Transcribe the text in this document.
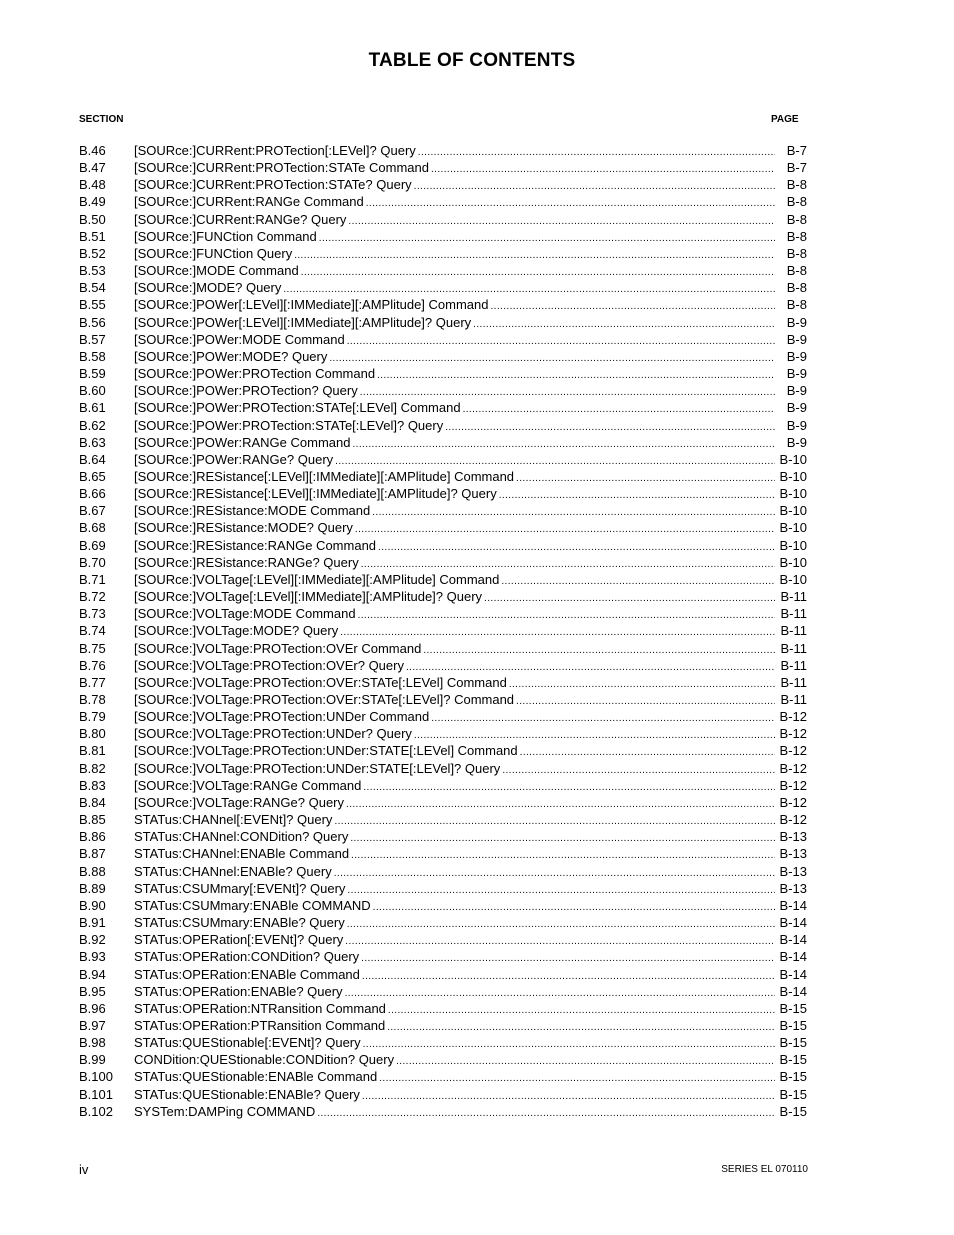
TABLE OF CONTENTS
SECTION	PAGE
B.46	[SOURce:]CURRent:PROTection[:LEVel]? Query .....	B-7
B.47	[SOURce:]CURRent:PROTection:STATe Command .....	B-7
B.48	[SOURce:]CURRent:PROTection:STATe? Query .....	B-8
B.49	[SOURce:]CURRent:RANGe Command .....	B-8
B.50	[SOURce:]CURRent:RANGe? Query .....	B-8
B.51	[SOURce:]FUNCtion Command .....	B-8
B.52	[SOURce:]FUNCtion Query .....	B-8
B.53	[SOURce:]MODE Command .....	B-8
B.54	[SOURce:]MODE? Query .....	B-8
B.55	[SOURce:]POWer[:LEVel][:IMMediate][:AMPlitude] Command .....	B-8
B.56	[SOURce:]POWer[:LEVel][:IMMediate][:AMPlitude]? Query .....	B-9
B.57	[SOURce:]POWer:MODE Command .....	B-9
B.58	[SOURce:]POWer:MODE? Query .....	B-9
B.59	[SOURce:]POWer:PROTection Command .....	B-9
B.60	[SOURce:]POWer:PROTection? Query .....	B-9
B.61	[SOURce:]POWer:PROTection:STATe[:LEVel] Command .....	B-9
B.62	[SOURce:]POWer:PROTection:STATe[:LEVel]? Query .....	B-9
B.63	[SOURce:]POWer:RANGe Command .....	B-9
B.64	[SOURce:]POWer:RANGe? Query .....	B-10
B.65	[SOURce:]RESistance[:LEVel][:IMMediate][:AMPlitude] Command .....	B-10
B.66	[SOURce:]RESistance[:LEVel][:IMMediate][:AMPlitude]? Query .....	B-10
B.67	[SOURce:]RESistance:MODE Command .....	B-10
B.68	[SOURce:]RESistance:MODE? Query .....	B-10
B.69	[SOURce:]RESistance:RANGe Command .....	B-10
B.70	[SOURce:]RESistance:RANGe? Query .....	B-10
B.71	[SOURce:]VOLTage[:LEVel][:IMMediate][:AMPlitude] Command .....	B-10
B.72	[SOURce:]VOLTage[:LEVel][:IMMediate][:AMPlitude]? Query .....	B-11
B.73	[SOURce:]VOLTage:MODE Command .....	B-11
B.74	[SOURce:]VOLTage:MODE? Query .....	B-11
B.75	[SOURce:]VOLTage:PROTection:OVEr Command .....	B-11
B.76	[SOURce:]VOLTage:PROTection:OVEr? Query .....	B-11
B.77	[SOURce:]VOLTage:PROTection:OVEr:STATe[:LEVel] Command .....	B-11
B.78	[SOURce:]VOLTage:PROTection:OVEr:STATe[:LEVel]? Command .....	B-11
B.79	[SOURce:]VOLTage:PROTection:UNDer Command .....	B-12
B.80	[SOURce:]VOLTage:PROTection:UNDer? Query .....	B-12
B.81	[SOURce:]VOLTage:PROTection:UNDer:STATE[:LEVel] Command .....	B-12
B.82	[SOURce:]VOLTage:PROTection:UNDer:STATE[:LEVel]? Query .....	B-12
B.83	[SOURce:]VOLTage:RANGe Command .....	B-12
B.84	[SOURce:]VOLTage:RANGe? Query .....	B-12
B.85	STATus:CHANnel[:EVENt]? Query .....	B-12
B.86	STATus:CHANnel:CONDition? Query .....	B-13
B.87	STATus:CHANnel:ENABle Command .....	B-13
B.88	STATus:CHANnel:ENABle? Query .....	B-13
B.89	STATus:CSUMmary[:EVENt]? Query .....	B-13
B.90	STATus:CSUMmary:ENABle COMMAND .....	B-14
B.91	STATus:CSUMmary:ENABle? Query .....	B-14
B.92	STATus:OPERation[:EVENt]? Query .....	B-14
B.93	STATus:OPERation:CONDition? Query .....	B-14
B.94	STATus:OPERation:ENABle Command .....	B-14
B.95	STATus:OPERation:ENABle? Query .....	B-14
B.96	STATus:OPERation:NTRansition Command .....	B-15
B.97	STATus:OPERation:PTRansition Command .....	B-15
B.98	STATus:QUEStionable[:EVENt]? Query .....	B-15
B.99	CONDition:QUEStionable:CONDition? Query .....	B-15
B.100	STATus:QUEStionable:ENABle Command .....	B-15
B.101	STATus:QUEStionable:ENABle? Query .....	B-15
B.102	SYSTem:DAMPing COMMAND .....	B-15
iv	SERIES EL 070110
